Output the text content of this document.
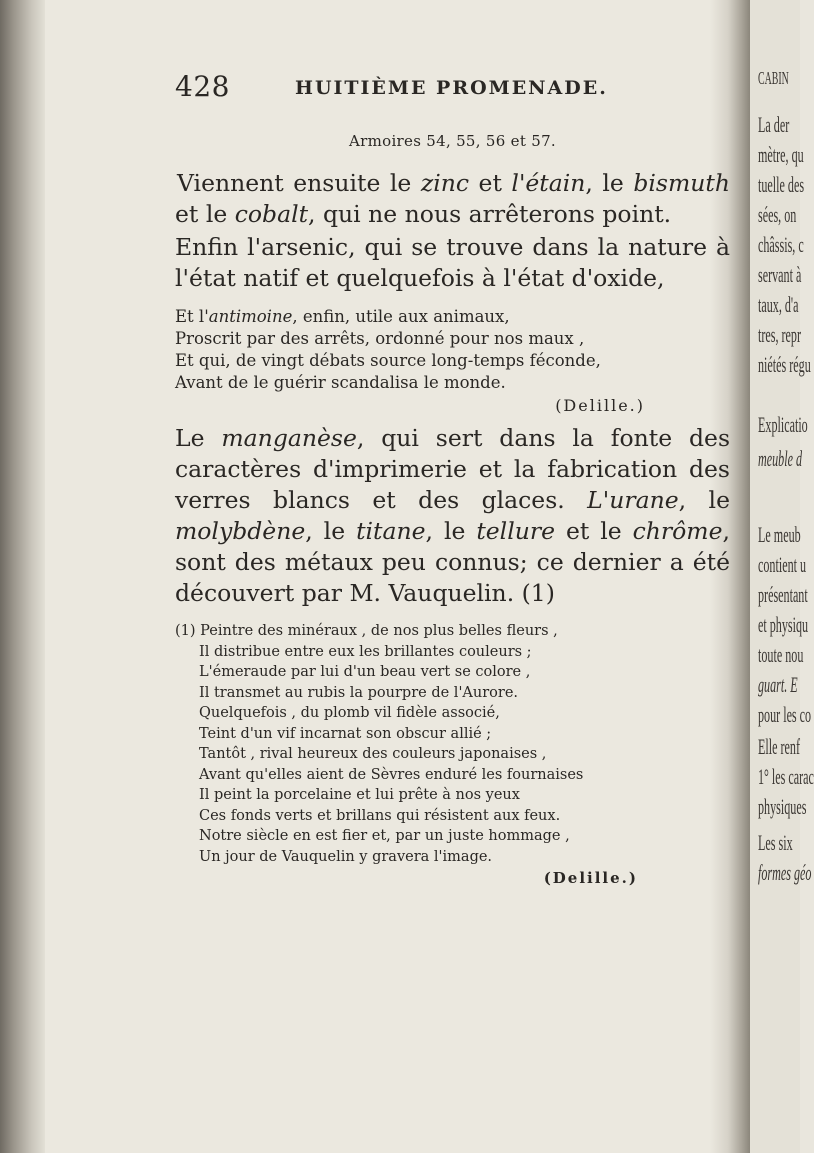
CABIN
La der
mètre, qu
tuelle des
sées, on
châssis, c
servant à
taux, d'a
tres, repr
niétés régu
Explicatio
meuble d
Le meub
contient u
présentant
et physiqu
toute nou
guart. E
pour les co
Elle renf
1° les carac
physiques
Les six
formes géo
428	HUITIÈME PROMENADE.
Armoires 54, 55, 56 et 57.

Viennent ensuite le zinc et l'étain, le bismuth et le cobalt, qui ne nous arrêterons point.

Enfin l'arsenic, qui se trouve dans la nature à l'état natif et quelquefois à l'état d'oxide,

Et l'antimoine, enfin, utile aux animaux,
Proscrit par des arrêts, ordonné pour nos maux ,
Et qui, de vingt débats source long-temps féconde,
Avant de le guérir scandalisa le monde.
(Delille.)

Le manganèse, qui sert dans la fonte des caractères d'imprimerie et la fabrication des verres blancs et des glaces. L'urane, le molybdène, le titane, le tellure et le chrôme, sont des métaux peu connus; ce dernier a été découvert par M. Vauquelin. (1)

(1) Peintre des minéraux , de nos plus belles fleurs ,
Il distribue entre eux les brillantes couleurs ;
L'émeraude par lui d'un beau vert se colore ,
Il transmet au rubis la pourpre de l'Aurore.
Quelquefois , du plomb vil fidèle associé,
Teint d'un vif incarnat son obscur allié ;
Tantôt , rival heureux des couleurs japonaises ,
Avant qu'elles aient de Sèvres enduré les fournaises
Il peint la porcelaine et lui prête à nos yeux
Ces fonds verts et brillans qui résistent aux feux.
Notre siècle en est fier et, par un juste hommage ,
Un jour de Vauquelin y gravera l'image.
(Delille.)
